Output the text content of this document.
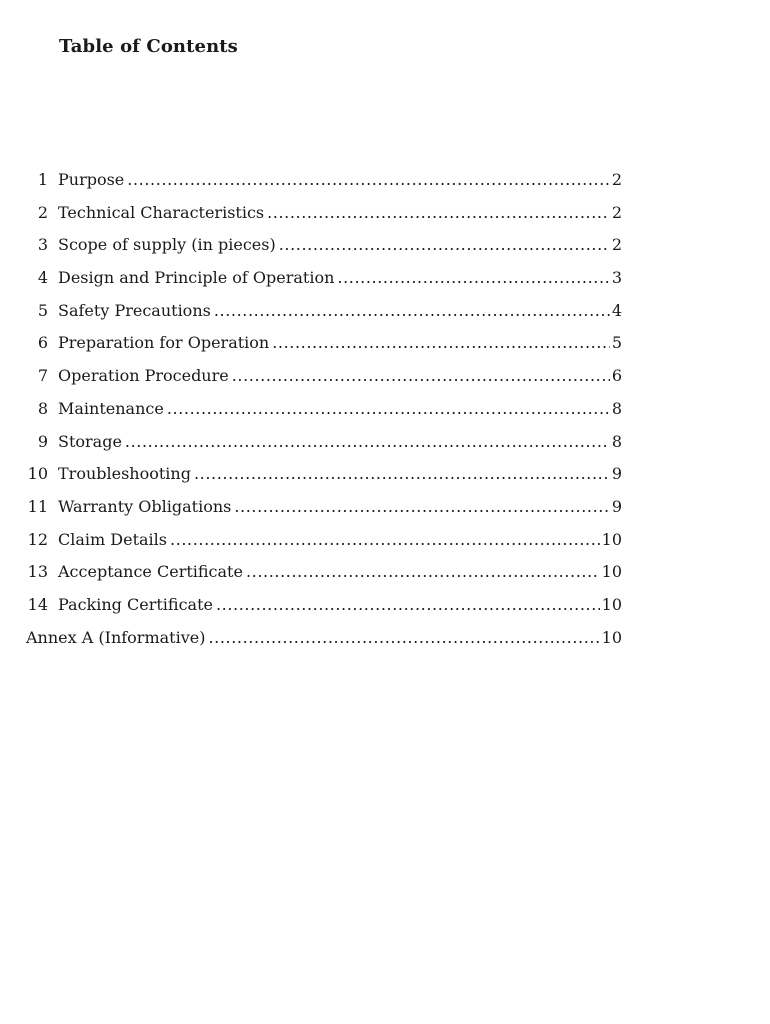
Table of Contents
1 Purpose .....	2
2 Technical Characteristics .....	2
3 Scope of supply (in pieces) .....	2
4 Design and Principle of Operation .....	3
5 Safety Precautions .....	4
6 Preparation for Operation .....	5
7 Operation Procedure .....	6
8 Maintenance .....	8
9 Storage .....	8
10 Troubleshooting .....	9
11 Warranty Obligations .....	9
12 Claim Details .....	10
13 Acceptance Certificate .....	10
14 Packing Certificate .....	10
Annex A (Informative) .....	10
